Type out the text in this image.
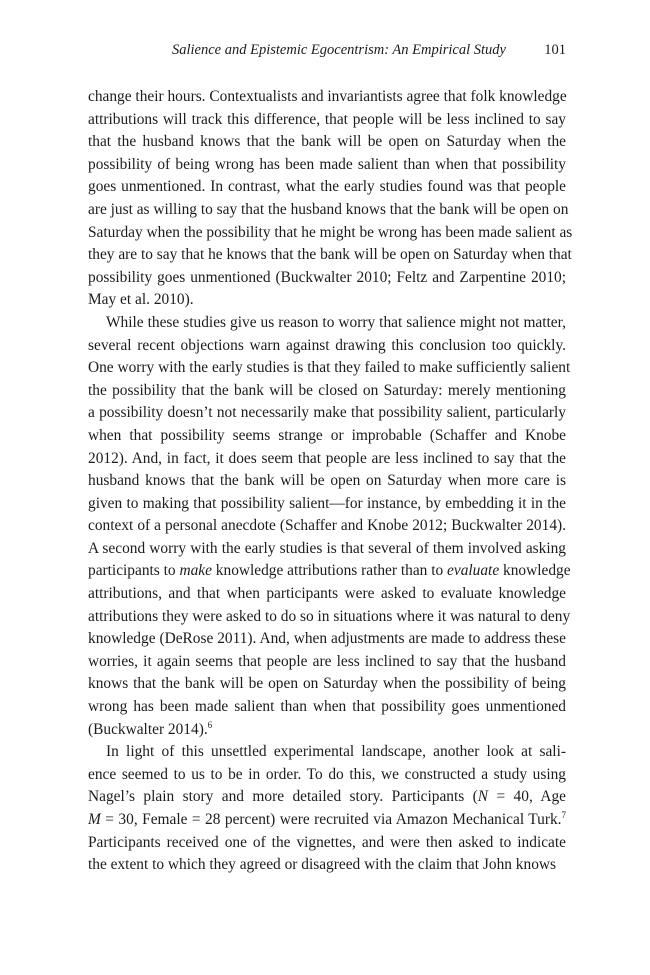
Salience and Epistemic Egocentrism: An Empirical Study	101
change their hours. Contextualists and invariantists agree that folk knowledge
attributions will track this difference, that people will be less inclined to say
that the husband knows that the bank will be open on Saturday when the
possibility of being wrong has been made salient than when that possibility
goes unmentioned. In contrast, what the early studies found was that people
are just as willing to say that the husband knows that the bank will be open on
Saturday when the possibility that he might be wrong has been made salient as
they are to say that he knows that the bank will be open on Saturday when that
possibility goes unmentioned (Buckwalter 2010; Feltz and Zarpentine 2010;
May et al. 2010).
While these studies give us reason to worry that salience might not matter,
several recent objections warn against drawing this conclusion too quickly.
One worry with the early studies is that they failed to make sufficiently salient
the possibility that the bank will be closed on Saturday: merely mentioning
a possibility doesn’t not necessarily make that possibility salient, particularly
when that possibility seems strange or improbable (Schaffer and Knobe
2012). And, in fact, it does seem that people are less inclined to say that the
husband knows that the bank will be open on Saturday when more care is
given to making that possibility salient—for instance, by embedding it in the
context of a personal anecdote (Schaffer and Knobe 2012; Buckwalter 2014).
A second worry with the early studies is that several of them involved asking
participants to make knowledge attributions rather than to evaluate knowledge
attributions, and that when participants were asked to evaluate knowledge
attributions they were asked to do so in situations where it was natural to deny
knowledge (DeRose 2011). And, when adjustments are made to address these
worries, it again seems that people are less inclined to say that the husband
knows that the bank will be open on Saturday when the possibility of being
wrong has been made salient than when that possibility goes unmentioned
(Buckwalter 2014).$^6$
In light of this unsettled experimental landscape, another look at sali-
ence seemed to us to be in order. To do this, we constructed a study using
Nagel’s plain story and more detailed story. Participants (N = 40, Age
M = 30, Female = 28 percent) were recruited via Amazon Mechanical Turk.$^7$
Participants received one of the vignettes, and were then asked to indicate
the extent to which they agreed or disagreed with the claim that John knows
